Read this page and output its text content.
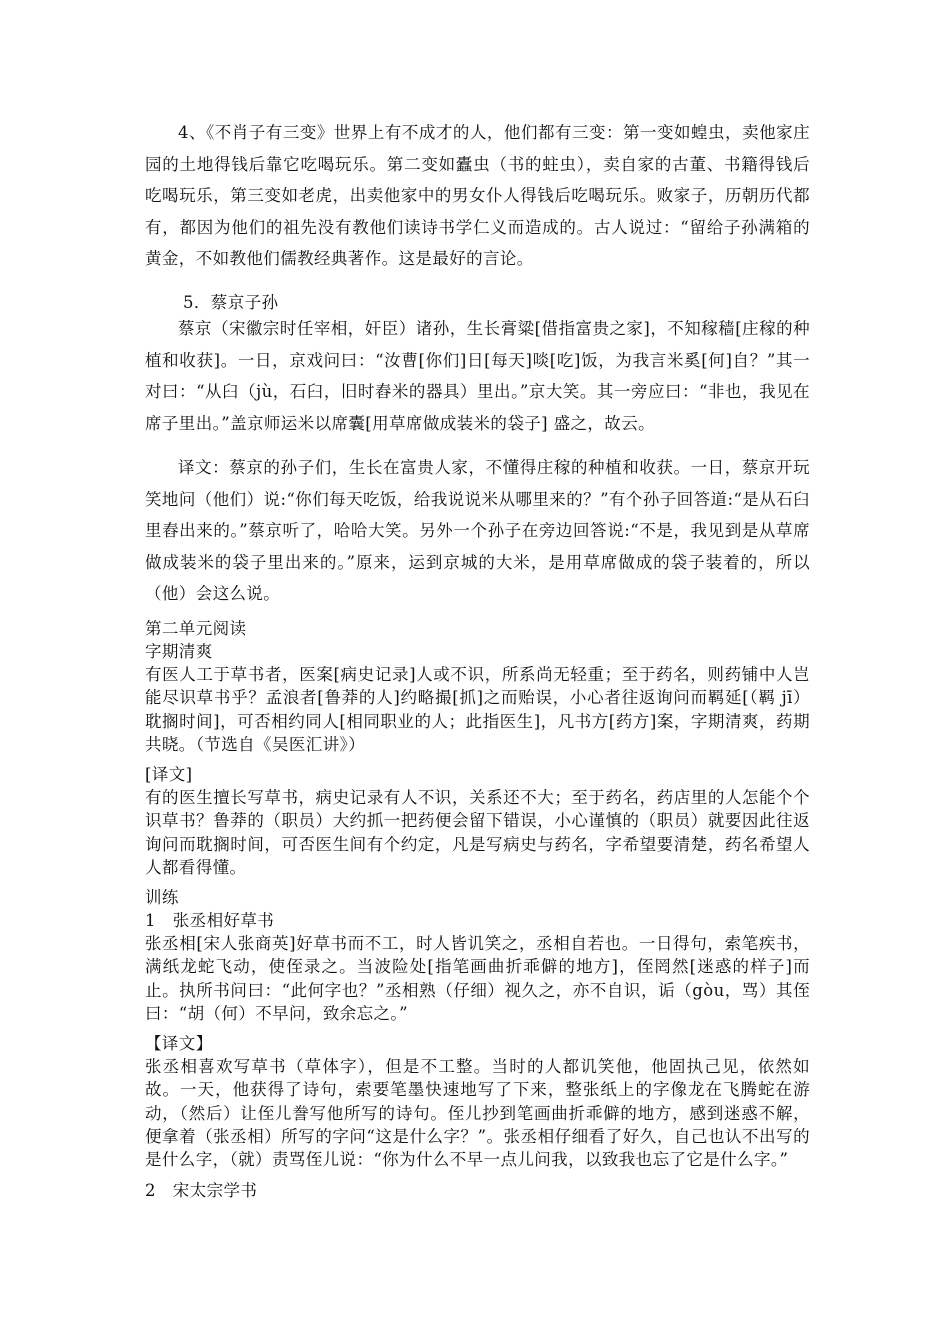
4、《不肖子有三变》世界上有不成才的人，他们都有三变：第一变如蝗虫，卖他家庄园的土地得钱后靠它吃喝玩乐。第二变如蠹虫（书的蛀虫），卖自家的古董、书籍得钱后吃喝玩乐，第三变如老虎，出卖他家中的男女仆人得钱后吃喝玩乐。败家子，历朝历代都有，都因为他们的祖先没有教他们读诗书学仁义而造成的。古人说过：“留给子孙满箱的黄金，不如教他们儒教经典著作。这是最好的言论。

5．蔡京子孙

蔡京（宋徽宗时任宰相，奸臣）诸孙，生长膏粱[借指富贵之家]，不知稼穑[庄稼的种植和收获]。一日，京戏问曰：“汝曹[你们]日[每天]啖[吃]饭，为我言米奚[何]自？”其一对曰：“从臼（jù，石臼，旧时舂米的器具）里出。”京大笑。其一旁应曰：“非也，我见在席子里出。”盖京师运米以席囊[用草席做成装米的袋子] 盛之，故云。

译文：蔡京的孙子们，生长在富贵人家，不懂得庄稼的种植和收获。一日，蔡京开玩笑地问（他们）说:“你们每天吃饭，给我说说米从哪里来的？”有个孙子回答道:“是从石臼里舂出来的。”蔡京听了，哈哈大笑。另外一个孙子在旁边回答说:“不是，我见到是从草席做成装米的袋子里出来的。”原来，运到京城的大米，是用草席做成的袋子装着的，所以（他）会这么说。

第二单元阅读

字期清爽

有医人工于草书者，医案[病史记录]人或不识，所系尚无轻重；至于药名，则药铺中人岂能尽识草书乎？孟浪者[鲁莽的人]约略撮[抓]之而贻误，小心者往返询问而羁延[（羁 jī）耽搁时间]，可否相约同人[相同职业的人；此指医生]，凡书方[药方]案，字期清爽，药期共晓。（节选自《吴医汇讲》）

[译文]

有的医生擅长写草书，病史记录有人不识，关系还不大；至于药名，药店里的人怎能个个识草书？鲁莽的（职员）大约抓一把药便会留下错误，小心谨慎的（职员）就要因此往返询问而耽搁时间，可否医生间有个约定，凡是写病史与药名，字希望要清楚，药名希望人人都看得懂。

训练

1　张丞相好草书

张丞相[宋人张商英]好草书而不工，时人皆讥笑之，丞相自若也。一日得句，索笔疾书，满纸龙蛇飞动，使侄录之。当波险处[指笔画曲折乖僻的地方]，侄罔然[迷惑的样子]而止。执所书问曰：“此何字也？”丞相熟（仔细）视久之，亦不自识，诟（gòu，骂）其侄曰：“胡（何）不早问，致余忘之。”

【译文】

张丞相喜欢写草书（草体字），但是不工整。当时的人都讥笑他，他固执己见，依然如故。一天，他获得了诗句，索要笔墨快速地写了下来，整张纸上的字像龙在飞腾蛇在游动，（然后）让侄儿誊写他所写的诗句。侄儿抄到笔画曲折乖僻的地方，感到迷惑不解，便拿着（张丞相）所写的字问“这是什么字？”。张丞相仔细看了好久，自己也认不出写的是什么字，（就）责骂侄儿说：“你为什么不早一点儿问我，以致我也忘了它是什么字。”

2　宋太宗学书
